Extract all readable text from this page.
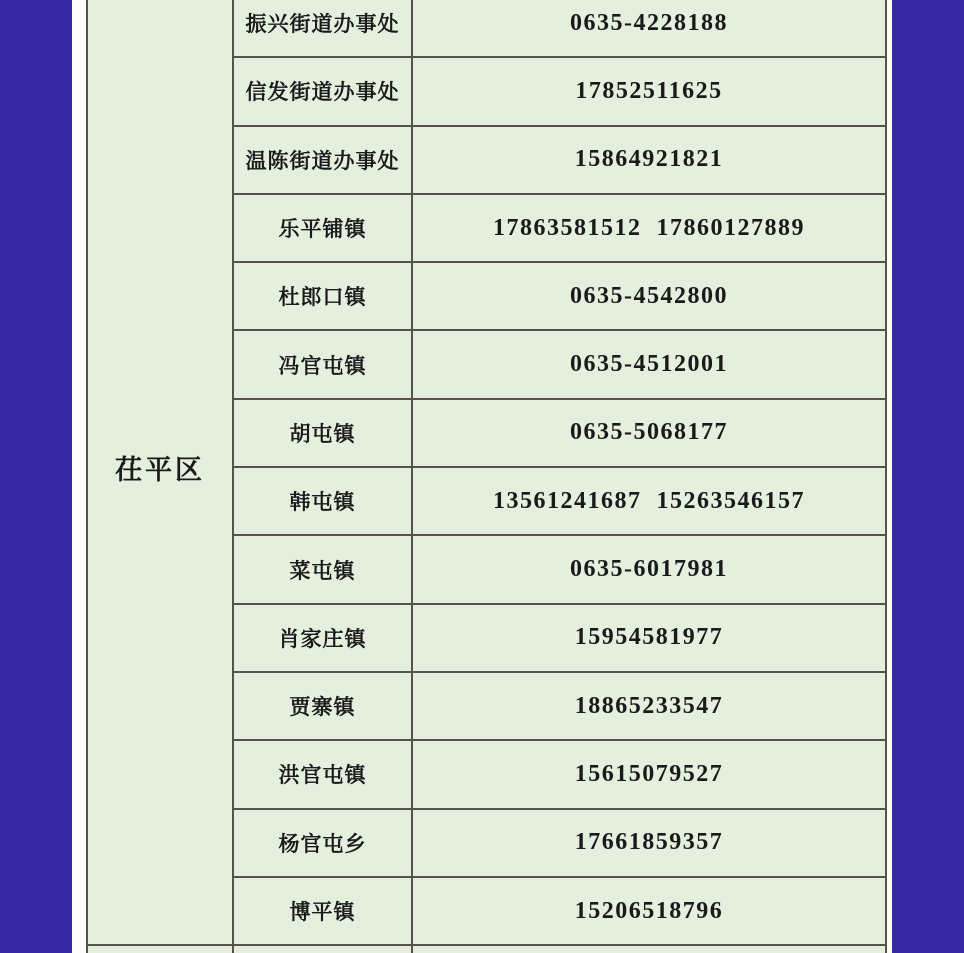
茌平区	振兴街道办事处	0635-4228188
	信发街道办事处	17852511625
	温陈街道办事处	15864921821
	乐平铺镇	17863581512  17860127889
	杜郎口镇	0635-4542800
	冯官屯镇	0635-4512001
	胡屯镇	0635-5068177
	韩屯镇	13561241687  15263546157
	菜屯镇	0635-6017981
	肖家庄镇	15954581977
	贾寨镇	18865233547
	洪官屯镇	15615079527
	杨官屯乡	17661859357
	博平镇	15206518796
